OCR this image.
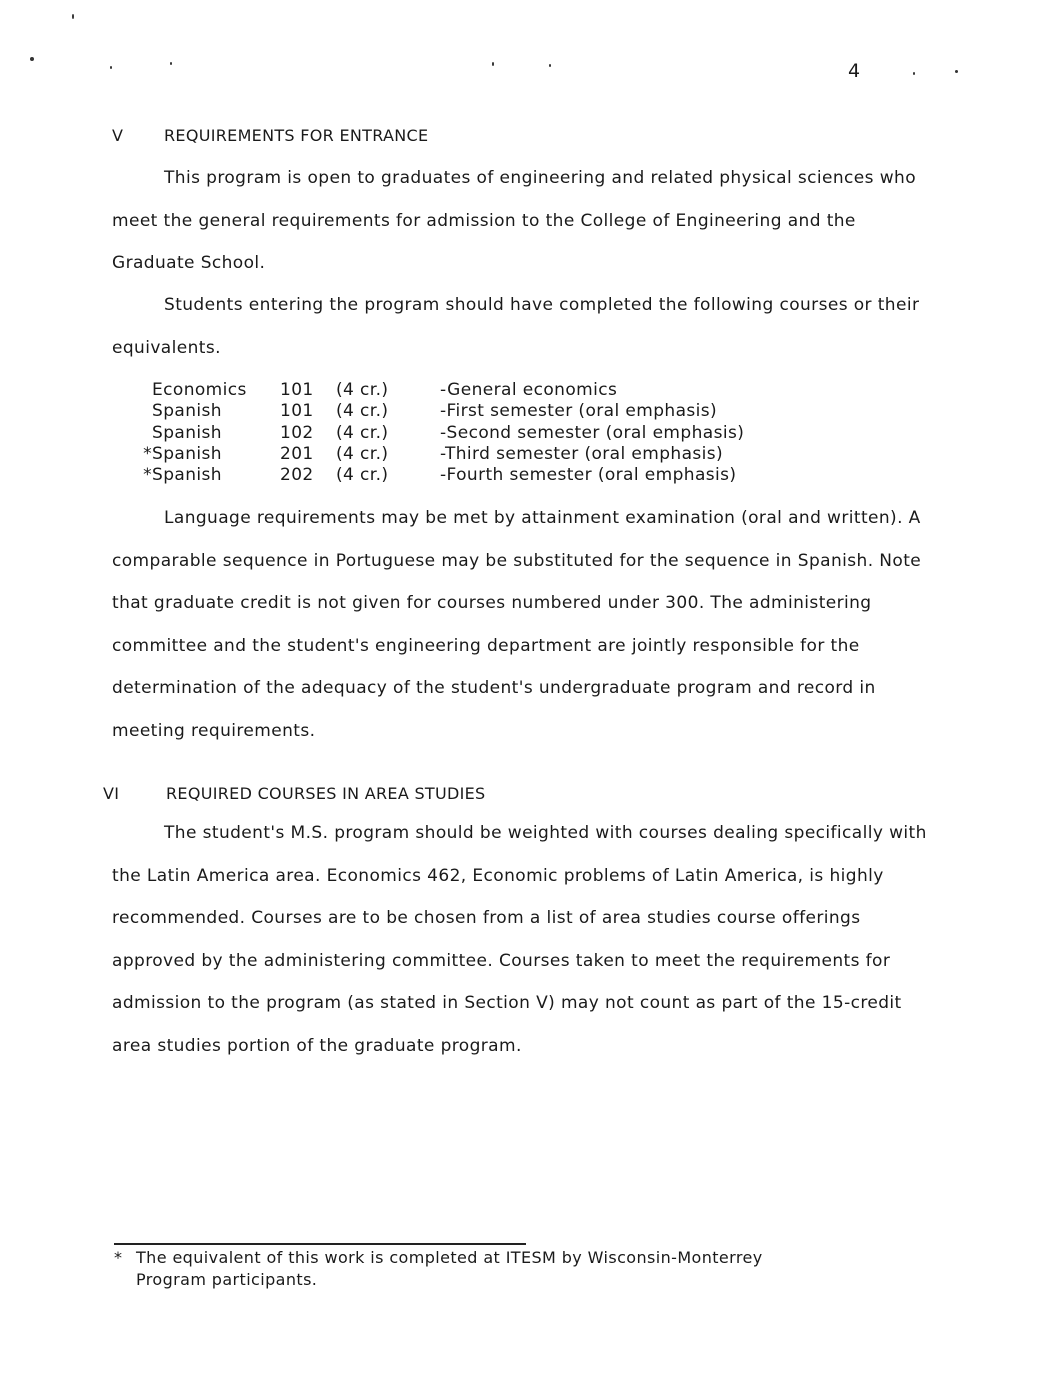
4
V	REQUIREMENTS FOR ENTRANCE

This program is open to graduates of engineering and related physical sciences who meet the general requirements for admission to the College of Engineering and the Graduate School.

Students entering the program should have completed the following courses or their equivalents.

Economics	101	(4 cr.)	-General economics
Spanish	101	(4 cr.)	-First semester (oral emphasis)
Spanish	102	(4 cr.)	-Second semester (oral emphasis)
*Spanish	201	(4 cr.)	-Third semester (oral emphasis)
*Spanish	202	(4 cr.)	-Fourth semester (oral emphasis)

Language requirements may be met by attainment examination (oral and written). A comparable sequence in Portuguese may be substituted for the sequence in Spanish. Note that graduate credit is not given for courses numbered under 300. The administering committee and the student's engineering department are jointly responsible for the determination of the adequacy of the student's undergraduate program and record in meeting requirements.

VI	REQUIRED COURSES IN AREA STUDIES

The student's M.S. program should be weighted with courses dealing specifically with the Latin America area. Economics 462, Economic problems of Latin America, is highly recommended. Courses are to be chosen from a list of area studies course offerings approved by the administering committee. Courses taken to meet the requirements for admission to the program (as stated in Section V) may not count as part of the 15-credit area studies portion of the graduate program.

* The equivalent of this work is completed at ITESM by Wisconsin-Monterrey
Program participants.
